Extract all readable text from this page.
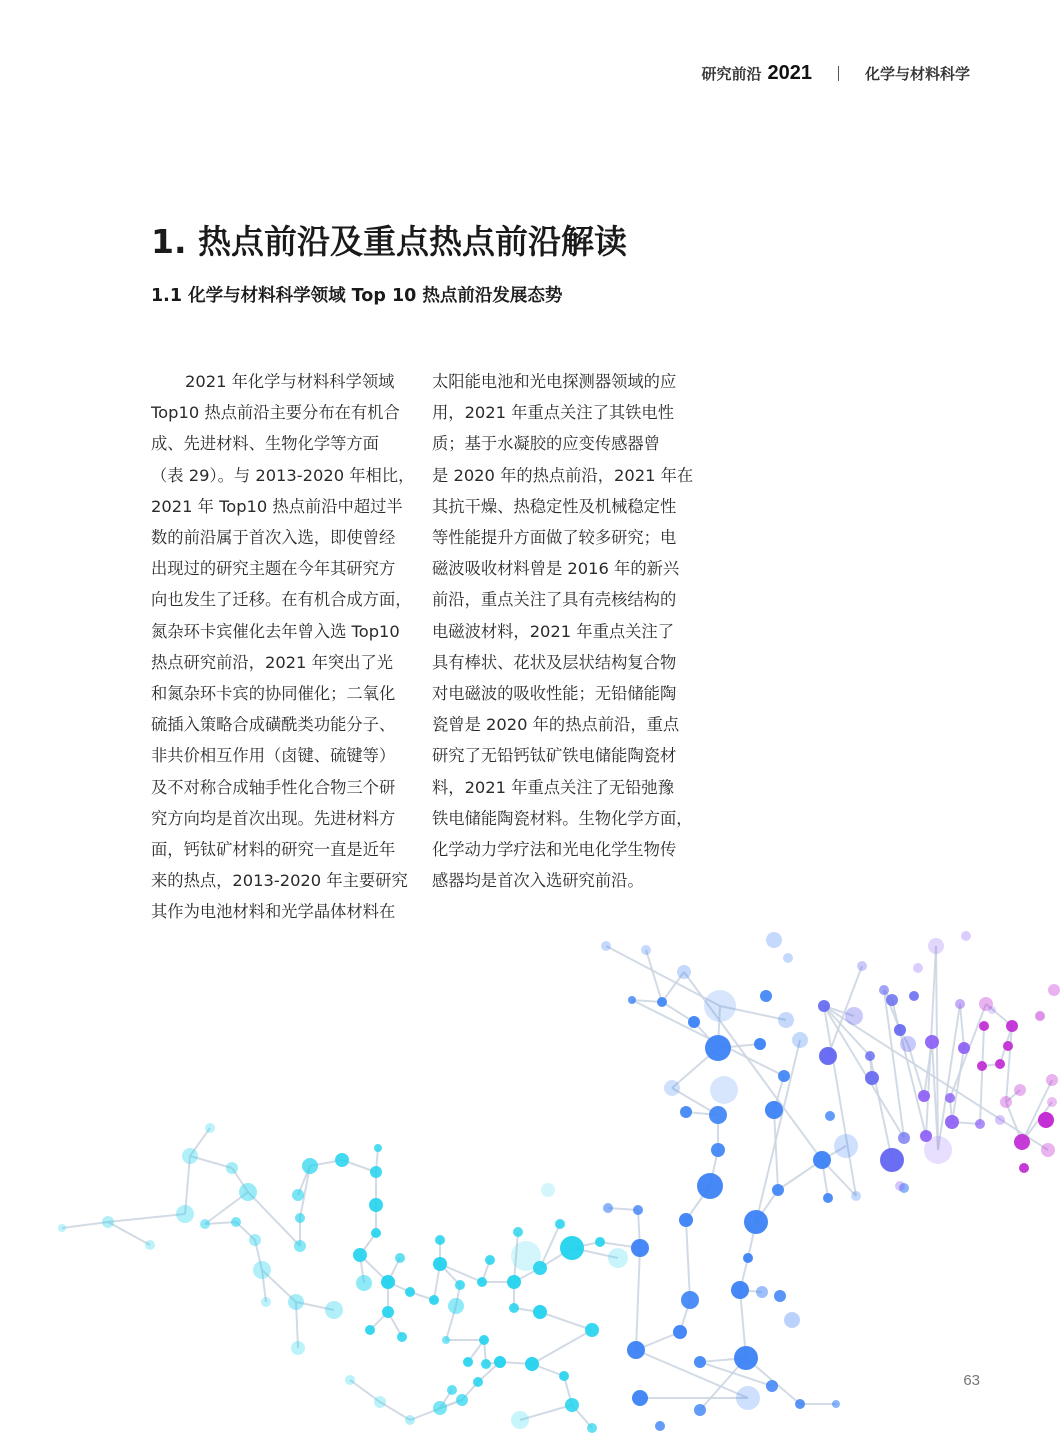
研究前沿 2021	化学与材料科学
1. 热点前沿及重点热点前沿解读
1.1 化学与材料科学领域 Top 10 热点前沿发展态势

2021 年化学与材料科学领域

Top10 热点前沿主要分布在有机合

成、先进材料、生物化学等方面

（表 29）。与 2013-2020 年相比，

2021 年 Top10 热点前沿中超过半

数的前沿属于首次入选，即使曾经

出现过的研究主题在今年其研究方

向也发生了迁移。在有机合成方面，

氮杂环卡宾催化去年曾入选 Top10

热点研究前沿，2021 年突出了光

和氮杂环卡宾的协同催化；二氧化

硫插入策略合成磺酰类功能分子、

非共价相互作用（卤键、硫键等）

及不对称合成轴手性化合物三个研

究方向均是首次出现。先进材料方

面，钙钛矿材料的研究一直是近年

来的热点，2013-2020 年主要研究

其作为电池材料和光学晶体材料在

太阳能电池和光电探测器领域的应

用，2021 年重点关注了其铁电性

质；基于水凝胶的应变传感器曾

是 2020 年的热点前沿，2021 年在

其抗干燥、热稳定性及机械稳定性

等性能提升方面做了较多研究；电

磁波吸收材料曾是 2016 年的新兴

前沿，重点关注了具有壳核结构的

电磁波材料，2021 年重点关注了

具有棒状、花状及层状结构复合物

对电磁波的吸收性能；无铅储能陶

瓷曾是 2020 年的热点前沿，重点

研究了无铅钙钛矿铁电储能陶瓷材

料，2021 年重点关注了无铅弛豫

铁电储能陶瓷材料。生物化学方面，

化学动力学疗法和光电化学生物传

感器均是首次入选研究前沿。

63
